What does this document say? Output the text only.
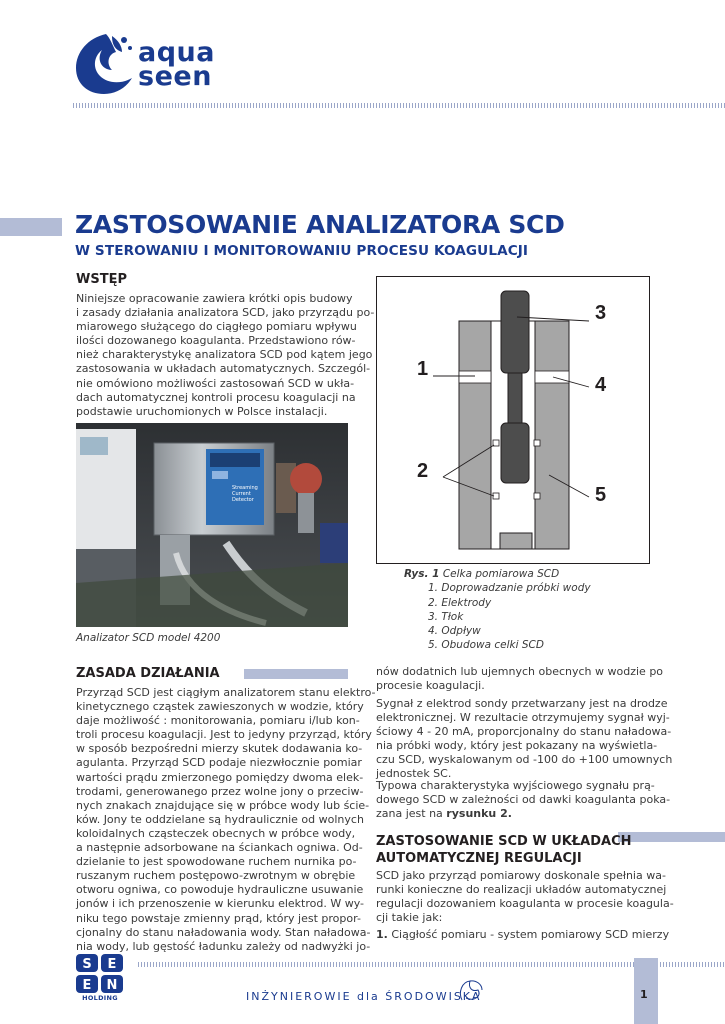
aqua
seen
ZASTOSOWANIE ANALIZATORA SCD
W STEROWANIU I MONITOROWANIU PROCESU KOAGULACJI
WSTĘP

Niniejsze opracowanie zawiera krótki opis budowy
i zasady działania analizatora SCD, jako przyrządu po-
miarowego służącego do ciągłego pomiaru wpływu
ilości dozowanego koagulanta. Przedstawiono rów-
nież charakterystykę analizatora SCD pod kątem jego
zastosowania w układach automatycznych. Szczegól-
nie omówiono możliwości zastosowań SCD w ukła-
dach automatycznej kontroli procesu koagulacji na
podstawie uruchomionych w Polsce instalacji.

Streaming
Current
Detector
Analizator SCD model 4200
3
1
4
2
5
Rys. 1 Celka pomiarowa SCD
1. Doprowadzanie próbki wody
2. Elektrody
3. Tłok
4. Odpływ
5. Obudowa celki SCD
ZASADA DZIAŁANIA

Przyrząd SCD jest ciągłym analizatorem stanu elektro-
kinetycznego cząstek zawieszonych w wodzie, który
daje możliwość : monitorowania, pomiaru i/lub kon-
troli procesu koagulacji. Jest to jedyny przyrząd, który
w sposób bezpośredni mierzy skutek dodawania ko-
agulanta. Przyrząd SCD podaje niezwłocznie pomiar
wartości prądu zmierzonego pomiędzy dwoma elek-
trodami, generowanego przez wolne jony o przeciw-
nych znakach znajdujące się w próbce wody lub ście-
ków. Jony te oddzielane są hydraulicznie od wolnych
koloidalnych cząsteczek obecnych w próbce wody,
a następnie adsorbowane na ściankach ogniwa. Od-
dzielanie to jest spowodowane ruchem nurnika po-
ruszanym ruchem postępowo-zwrotnym w obrębie
otworu ogniwa, co powoduje hydrauliczne usuwanie
jonów i ich przenoszenie w kierunku elektrod. W wy-
niku tego powstaje zmienny prąd, który jest propor-
cjonalny do stanu naładowania wody. Stan naładowa-
nia wody, lub gęstość ładunku zależy od nadwyżki jo-

nów dodatnich lub ujemnych obecnych w wodzie po
procesie koagulacji.

Sygnał z elektrod sondy przetwarzany jest na drodze
elektronicznej. W rezultacie otrzymujemy sygnał wyj-
ściowy 4 - 20 mA, proporcjonalny do stanu naładowa-
nia próbki wody, który jest pokazany na wyświetla-
czu SCD, wyskalowanym od -100 do +100 umownych
jednostek SC.

Typowa charakterystyka wyjściowego sygnału prą-
dowego SCD w zależności od dawki koagulanta poka-

zana jest na rysunku 2.
ZASTOSOWANIE SCD W UKŁADACH
AUTOMATYCZNEJ REGULACJI

SCD jako przyrząd pomiarowy doskonale spełnia wa-
runki konieczne do realizacji układów automatycznej
regulacji dozowaniem koagulanta w procesie koagula-
cji takie jak:

1. Ciągłość pomiaru - system pomiarowy SCD mierzy
S E
E N
HOLDING	INŻYNIEROWIE dla ŚRODOWISKA	1
